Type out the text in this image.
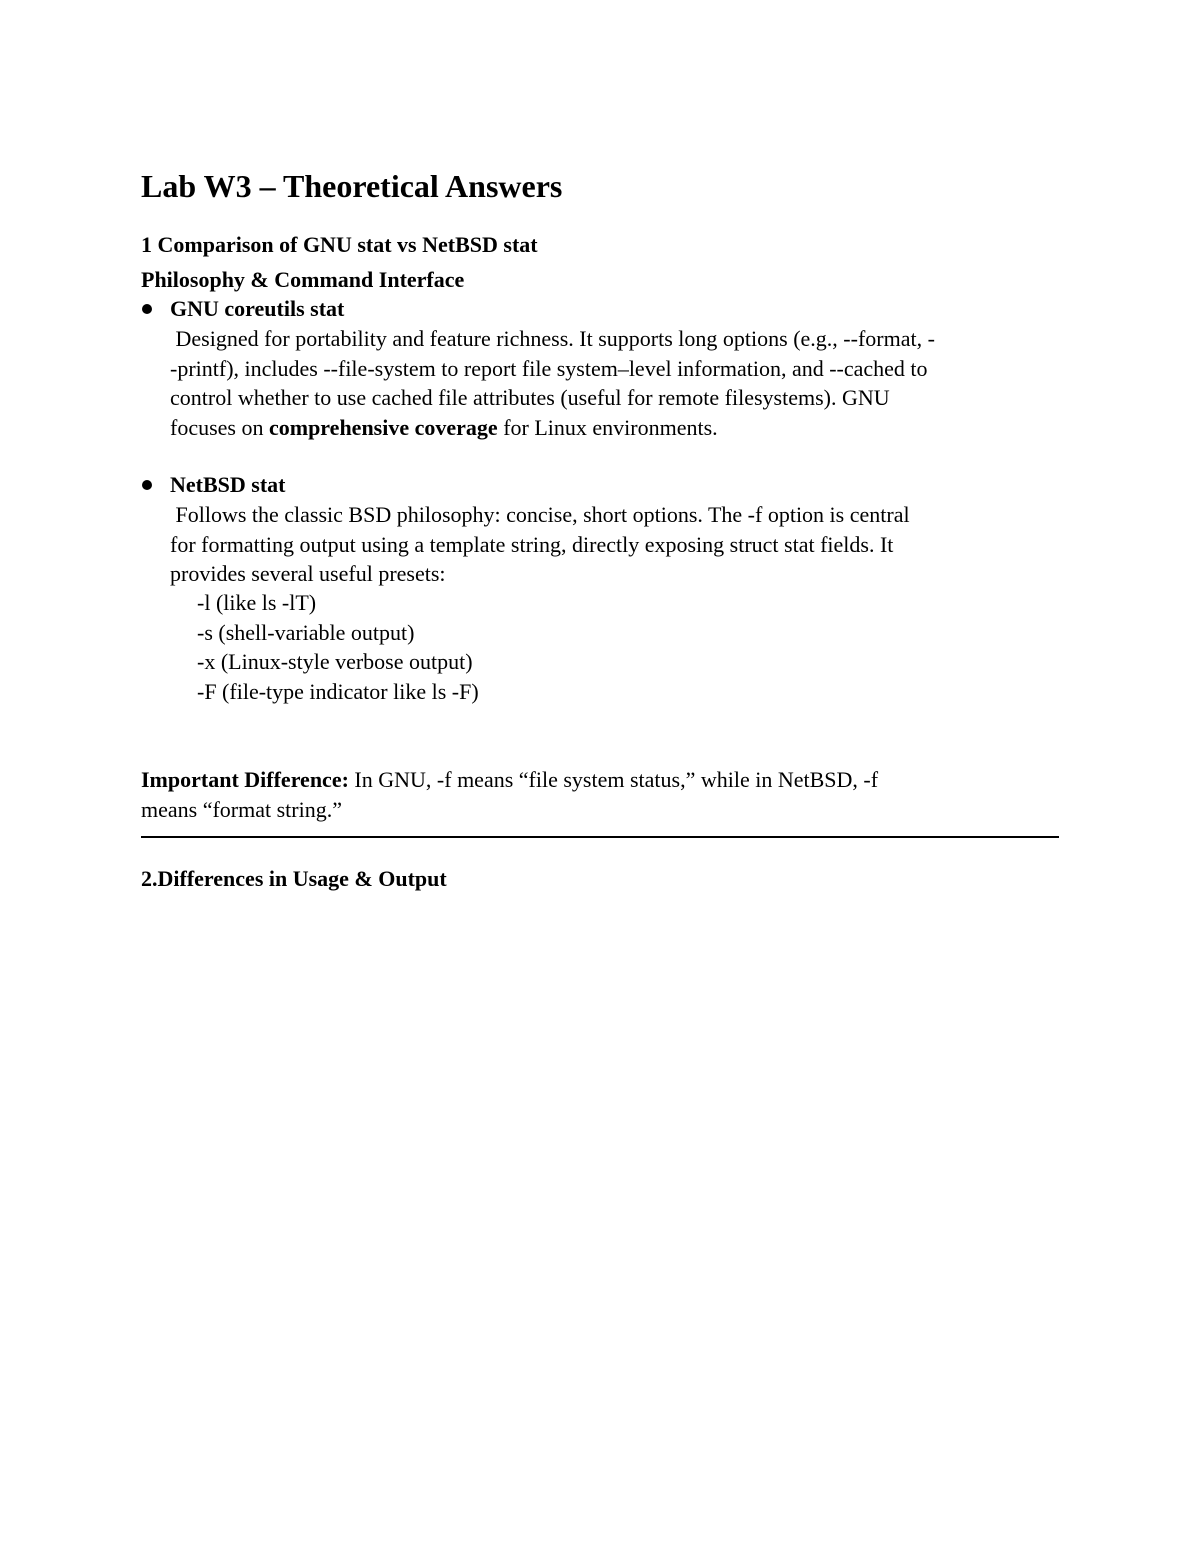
Lab W3 – Theoretical Answers
1 Comparison of GNU stat vs NetBSD stat
Philosophy & Command Interface
GNU coreutils stat
Designed for portability and feature richness. It supports long options (e.g., --format, -
-printf), includes --file-system to report file system–level information, and --cached to
control whether to use cached file attributes (useful for remote filesystems). GNU
focuses on comprehensive coverage for Linux environments.
NetBSD stat
Follows the classic BSD philosophy: concise, short options. The -f option is central
for formatting output using a template string, directly exposing struct stat fields. It
provides several useful presets:
-l (like ls -lT)
-s (shell-variable output)
-x (Linux-style verbose output)
-F (file-type indicator like ls -F)
Important Difference: In GNU, -f means “file system status,” while in NetBSD, -f
means “format string.”
2.Differences in Usage & Output
